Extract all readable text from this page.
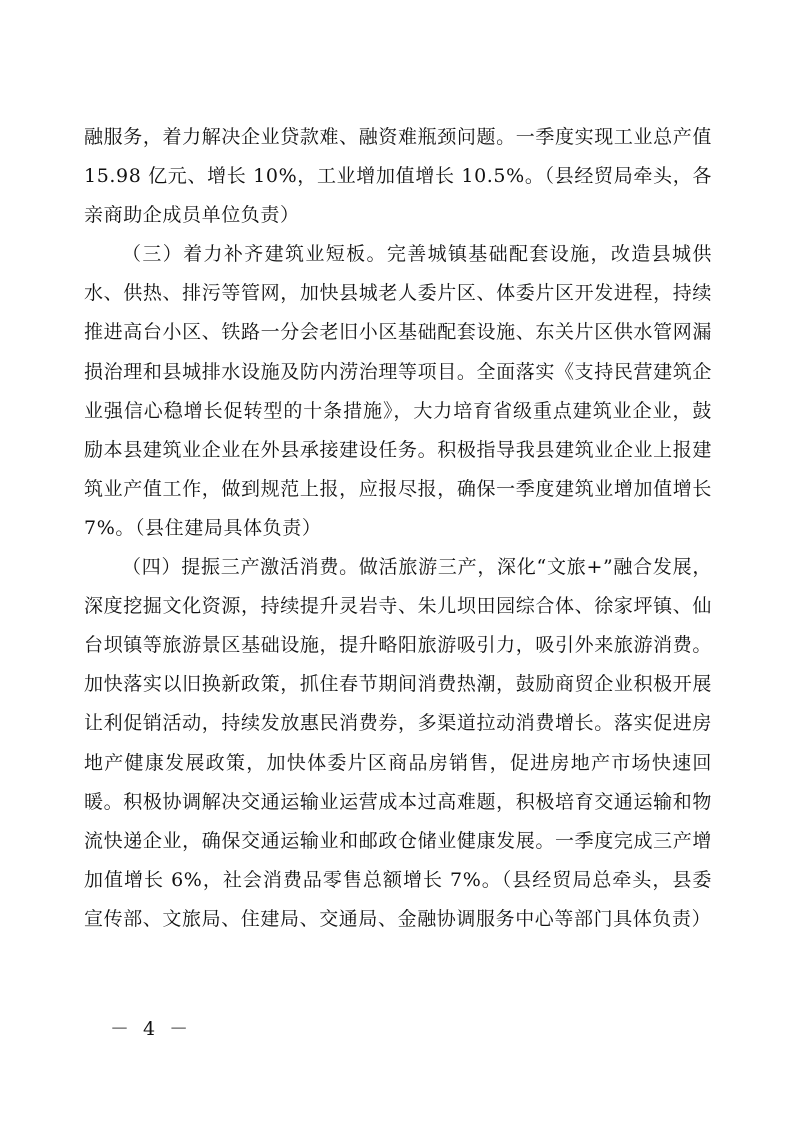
融服务，着力解决企业贷款难、融资难瓶颈问题。一季度实现工业总产值 15.98 亿元、增长 10%，工业增加值增长 10.5%。（县经贸局牵头，各亲商助企成员单位负责）

（三）着力补齐建筑业短板。完善城镇基础配套设施，改造县城供水、供热、排污等管网，加快县城老人委片区、体委片区开发进程，持续推进高台小区、铁路一分会老旧小区基础配套设施、东关片区供水管网漏损治理和县城排水设施及防内涝治理等项目。全面落实《支持民营建筑企业强信心稳增长促转型的十条措施》，大力培育省级重点建筑业企业，鼓励本县建筑业企业在外县承接建设任务。积极指导我县建筑业企业上报建筑业产值工作，做到规范上报，应报尽报，确保一季度建筑业增加值增长 7%。（县住建局具体负责）

（四）提振三产激活消费。做活旅游三产，深化“文旅+”融合发展，深度挖掘文化资源，持续提升灵岩寺、朱儿坝田园综合体、徐家坪镇、仙台坝镇等旅游景区基础设施，提升略阳旅游吸引力，吸引外来旅游消费。加快落实以旧换新政策，抓住春节期间消费热潮，鼓励商贸企业积极开展让利促销活动，持续发放惠民消费券，多渠道拉动消费增长。落实促进房地产健康发展政策，加快体委片区商品房销售，促进房地产市场快速回暖。积极协调解决交通运输业运营成本过高难题，积极培育交通运输和物流快递企业，确保交通运输业和邮政仓储业健康发展。一季度完成三产增加值增长 6%，社会消费品零售总额增长 7%。（县经贸局总牵头，县委宣传部、文旅局、住建局、交通局、金融协调服务中心等部门具体负责）

－ 4 －
